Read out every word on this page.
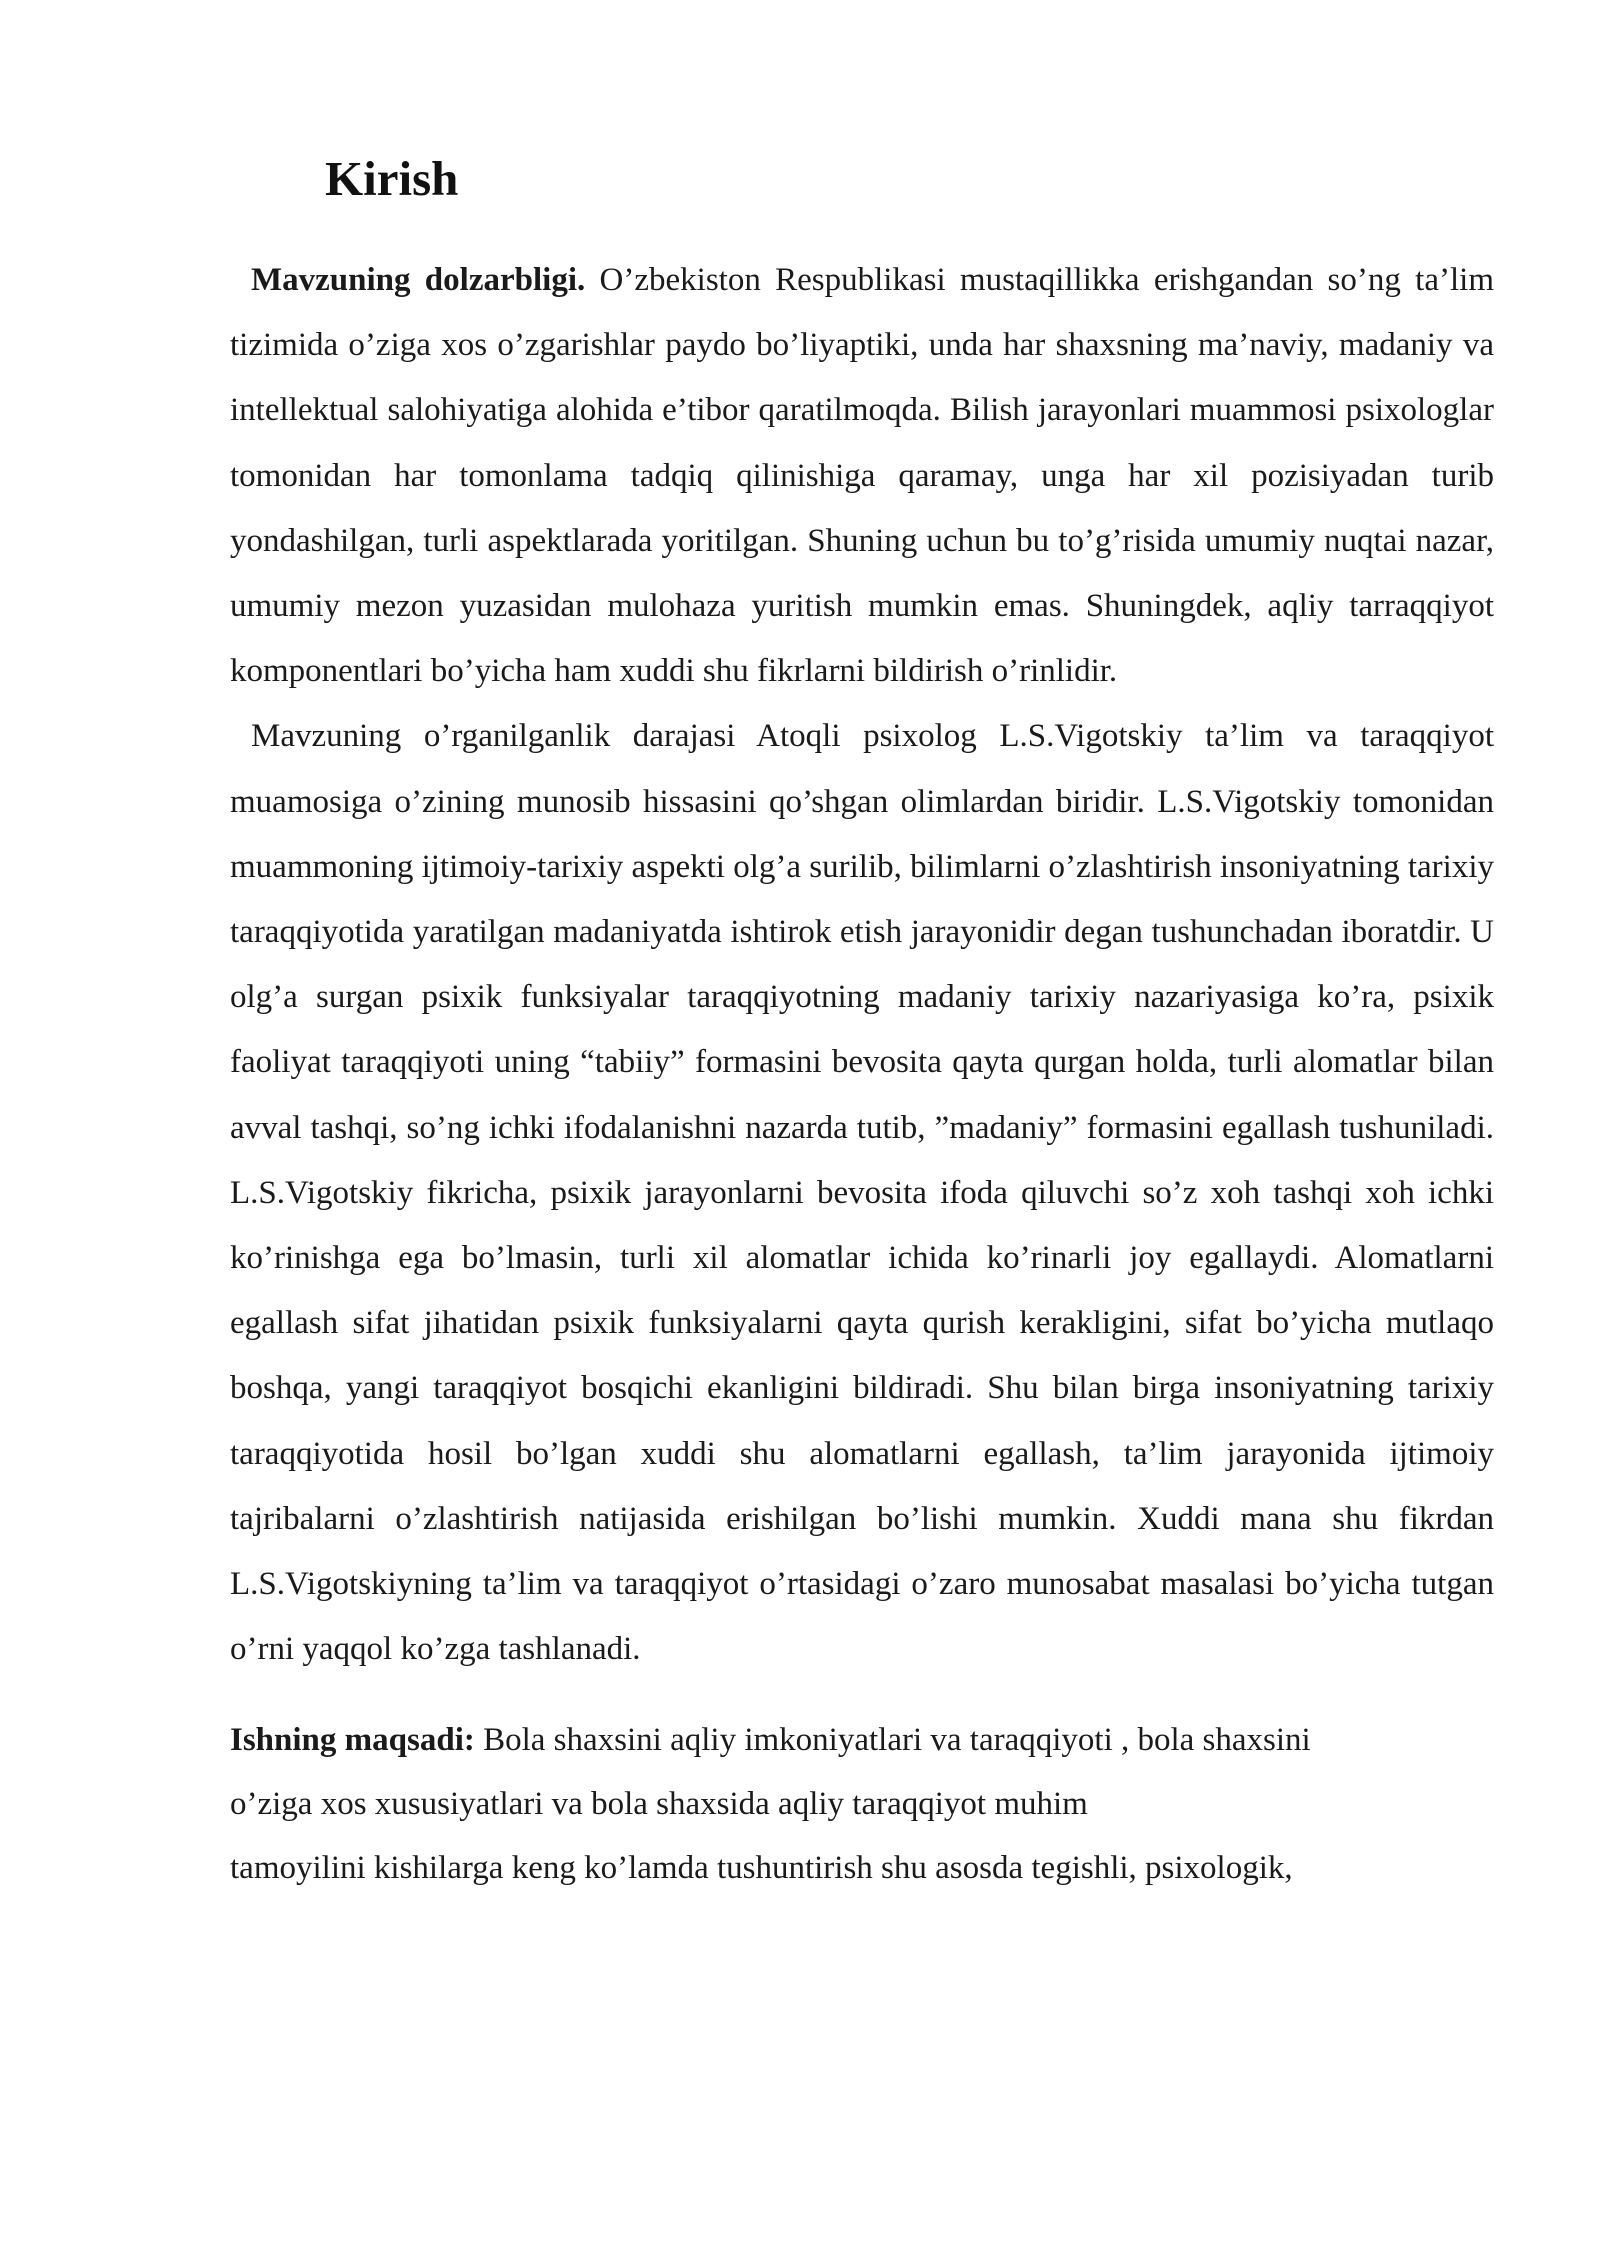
Kirish

Mavzuning dolzarbligi. O’zbekiston Respublikasi mustaqillikka erishgandan so’ng ta’lim tizimida o’ziga xos o’zgarishlar paydo bo’liyaptiki, unda har shaxsning ma’naviy, madaniy va intellektual salohiyatiga alohida e’tibor qaratilmoqda. Bilish jarayonlari muammosi psixologlar tomonidan har tomonlama tadqiq qilinishiga qaramay, unga har xil pozisiyadan turib yondashilgan, turli aspektlarada yoritilgan. Shuning uchun bu to’g’risida umumiy nuqtai nazar, umumiy mezon yuzasidan mulohaza yuritish mumkin emas. Shuningdek, aqliy tarraqqiyot komponentlari bo’yicha ham xuddi shu fikrlarni bildirish o’rinlidir.

Mavzuning o’rganilganlik darajasi Atoqli psixolog L.S.Vigotskiy ta’lim va taraqqiyot muamosiga o’zining munosib hissasini qo’shgan olimlardan biridir. L.S.Vigotskiy tomonidan muammoning ijtimoiy-tarixiy aspekti olg’a surilib, bilimlarni o’zlashtirish insoniyatning tarixiy taraqqiyotida yaratilgan madaniyatda ishtirok etish jarayonidir degan tushunchadan iboratdir. U olg’a surgan psixik funksiyalar taraqqiyotning madaniy tarixiy nazariyasiga ko’ra, psixik faoliyat taraqqiyoti uning “tabiiy” formasini bevosita qayta qurgan holda, turli alomatlar bilan avval tashqi, so’ng ichki ifodalanishni nazarda tutib, ”madaniy” formasini egallash tushuniladi. L.S.Vigotskiy fikricha, psixik jarayonlarni bevosita ifoda qiluvchi so’z xoh tashqi xoh ichki ko’rinishga ega bo’lmasin, turli xil alomatlar ichida ko’rinarli joy egallaydi. Alomatlarni egallash sifat jihatidan psixik funksiyalarni qayta qurish kerakligini, sifat bo’yicha mutlaqo boshqa, yangi taraqqiyot bosqichi ekanligini bildiradi. Shu bilan birga insoniyatning tarixiy taraqqiyotida hosil bo’lgan xuddi shu alomatlarni egallash, ta’lim jarayonida ijtimoiy tajribalarni o’zlashtirish natijasida erishilgan bo’lishi mumkin. Xuddi mana shu fikrdan L.S.Vigotskiyning ta’lim va taraqqiyot o’rtasidagi o’zaro munosabat masalasi bo’yicha tutgan o’rni yaqqol ko’zga tashlanadi.

Ishning maqsadi: Bola shaxsini aqliy imkoniyatlari va taraqqiyoti , bola shaxsini
o’ziga xos xususiyatlari va bola shaxsida aqliy taraqqiyot muhim
tamoyilini kishilarga keng ko’lamda tushuntirish shu asosda tegishli, psixologik,
